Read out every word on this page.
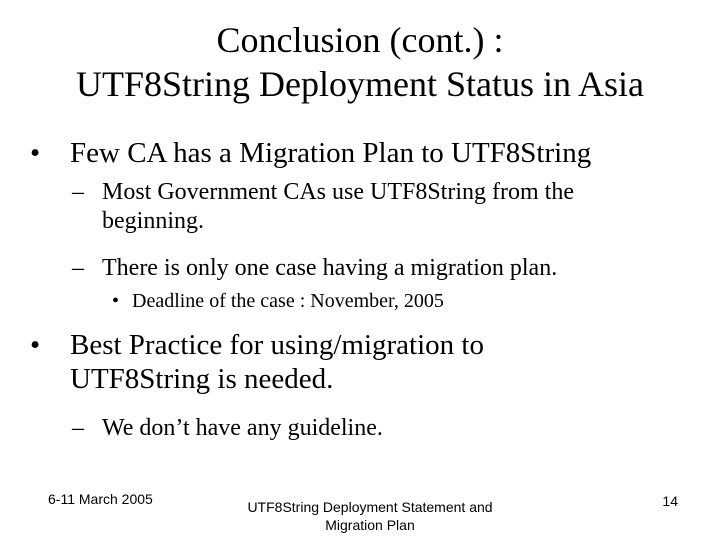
Conclusion (cont.) :
UTF8String Deployment Status in Asia
• Few CA has a Migration Plan to UTF8String
– Most Government CAs use UTF8String from the beginning.
– There is only one case having a migration plan.
• Deadline of the case : November, 2005
• Best Practice for using/migration to UTF8String is needed.
– We don’t have any guideline.
6-11 March 2005	UTF8String Deployment Statement and Migration Plan
14
